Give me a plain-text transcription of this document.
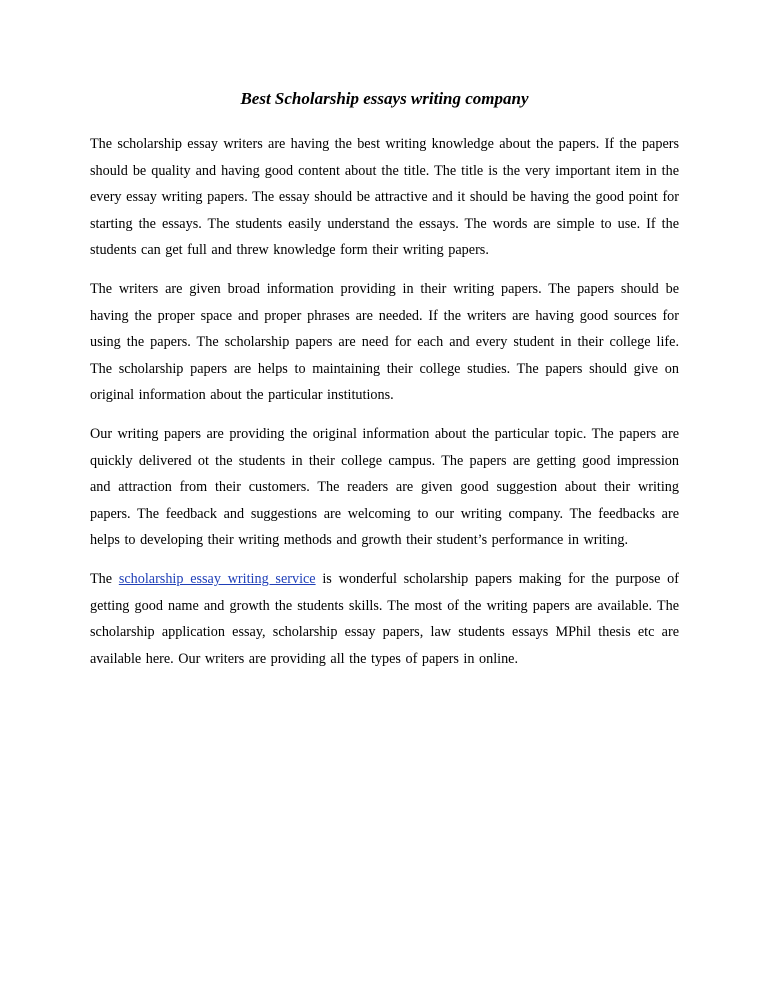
Best Scholarship essays writing company

The scholarship essay writers are having the best writing knowledge about the papers. If the papers should be quality and having good content about the title. The title is the very important item in the every essay writing papers. The essay should be attractive and it should be having the good point for starting the essays. The students easily understand the essays. The words are simple to use. If the students can get full and threw knowledge form their writing papers.

The writers are given broad information providing in their writing papers. The papers should be having the proper space and proper phrases are needed. If the writers are having good sources for using the papers. The scholarship papers are need for each and every student in their college life. The scholarship papers are helps to maintaining their college studies. The papers should give on original information about the particular institutions.

Our writing papers are providing the original information about the particular topic. The papers are quickly delivered ot the students in their college campus. The papers are getting good impression and attraction from their customers. The readers are given good suggestion about their writing papers. The feedback and suggestions are welcoming to our writing company. The feedbacks are helps to developing their writing methods and growth their student’s performance in writing.

The scholarship essay writing service is wonderful scholarship papers making for the purpose of getting good name and growth the students skills. The most of the writing papers are available. The scholarship application essay, scholarship essay papers, law students essays MPhil thesis etc are available here. Our writers are providing all the types of papers in online.
